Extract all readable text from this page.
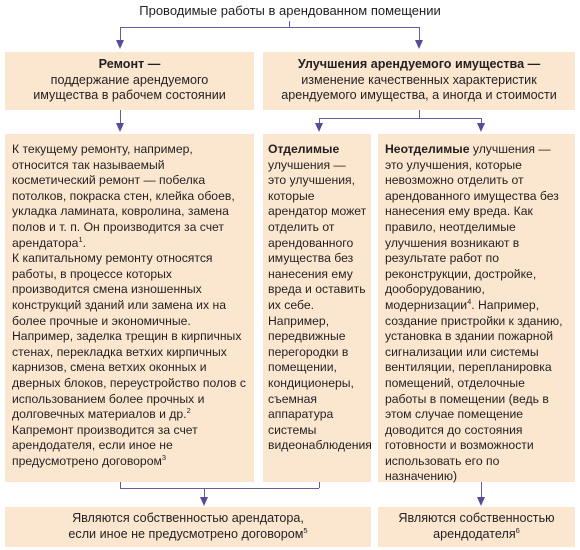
Проводимые работы в арендованном помещении
Ремонт —
поддержание арендуемого имущества в рабочем состоянии
Улучшения арендуемого имущества —
изменение качественных характеристик арендуемого имущества, а иногда и стоимости

К текущему ремонту, например, относится так называемый косметический ремонт — побелка потолков, покраска стен, клейка обоев, укладка ламината, ковролина, замена полов и т. п. Он производится за счет арендатора$^1$.

К капитальному ремонту относятся работы, в процессе которых производится смена изношенных конструкций зданий или замена их на более прочные и экономичные. Например, заделка трещин в кирпичных стенах, перекладка ветхих кирпичных карнизов, смена ветхих оконных и дверных блоков, переустройство полов с использованием более прочных и долговечных материалов и др.$^2$ Капремонт производится за счет арендодателя, если иное не предусмотрено договором$^3$

Отделимые улучшения — это улучшения, которые арендатор может отделить от арендованного имущества без нанесения ему вреда и оставить их себе.

Например, передвижные перегородки в помещении, кондиционеры, съемная аппаратура системы видеонаблюдения

Неотделимые улучшения — это улучшения, которые невозможно отделить от арендованного имущества без нанесения ему вреда. Как правило, неотделимые улучшения возникают в результате работ по реконструкции, достройке, дооборудованию, модернизации$^4$. Например, создание пристройки к зданию, установка в здании пожарной сигнализации или системы вентиляции, перепланировка помещений, отделочные работы в помещении (ведь в этом случае помещение доводится до состояния готовности и возможности использовать его по назначению)

Являются собственностью арендатора,
если иное не предусмотрено договором$^5$
Являются собственностью
арендодателя$^6$
